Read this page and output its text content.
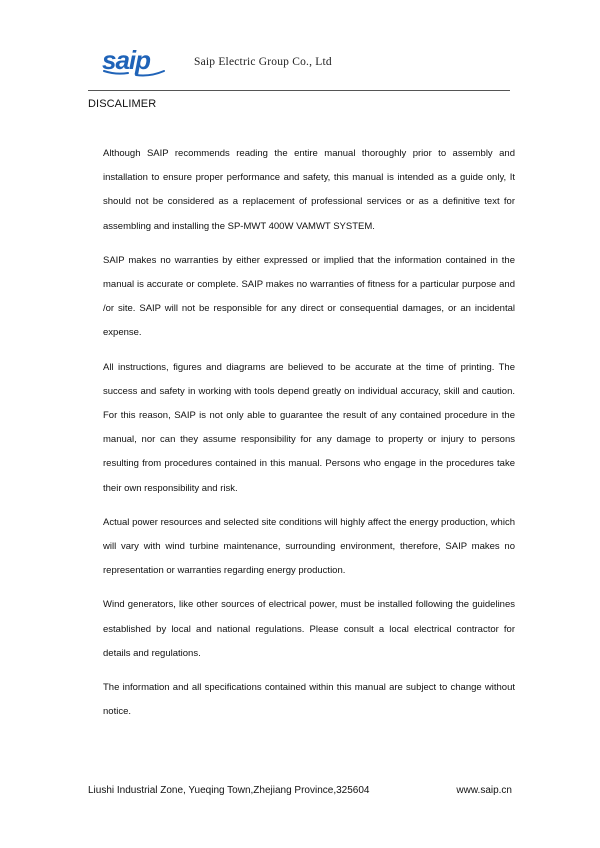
saip	Saip Electric Group Co., Ltd
DISCALIMER

Although SAIP recommends reading the entire manual thoroughly prior to assembly and installation to ensure proper performance and safety, this manual is intended as a guide only, It should not be considered as a replacement of professional services or as a definitive text for assembling and installing the SP-MWT 400W VAMWT SYSTEM.

SAIP makes no warranties by either expressed or implied that the information contained in the manual is accurate or complete. SAIP makes no warranties of fitness for a particular purpose and /or site. SAIP will not be responsible for any direct or consequential damages, or an incidental expense.

All instructions, figures and diagrams are believed to be accurate at the time of printing. The success and safety in working with tools depend greatly on individual accuracy, skill and caution. For this reason, SAIP is not only able to guarantee the result of any contained procedure in the manual, nor can they assume responsibility for any damage to property or injury to persons resulting from procedures contained in this manual. Persons who engage in the procedures take their own responsibility and risk.

Actual power resources and selected site conditions will highly affect the energy production, which will vary with wind turbine maintenance, surrounding environment, therefore, SAIP makes no representation or warranties regarding energy production.

Wind generators, like other sources of electrical power, must be installed following the guidelines established by local and national regulations. Please consult a local electrical contractor for details and regulations.

The information and all specifications contained within this manual are subject to change without notice.

Liushi Industrial Zone, Yueqing Town,Zhejiang Province,325604	www.saip.cn
